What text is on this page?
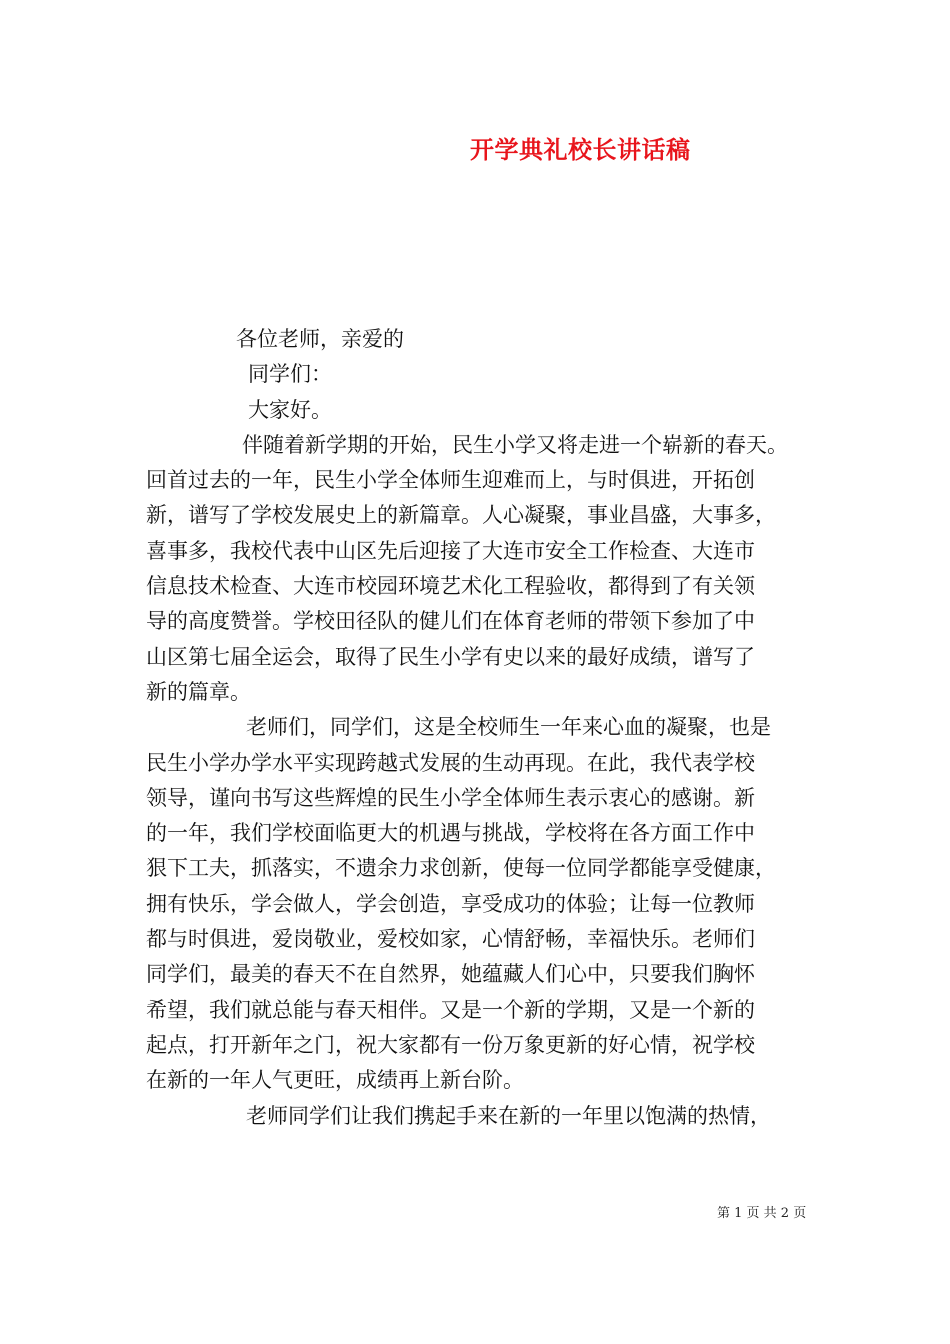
开学典礼校长讲话稿
各位老师，亲爱的
同学们：
大家好。
伴随着新学期的开始，民生小学又将走进一个崭新的春天。
回首过去的一年，民生小学全体师生迎难而上，与时俱进，开拓创
新，谱写了学校发展史上的新篇章。人心凝聚，事业昌盛，大事多，
喜事多，我校代表中山区先后迎接了大连市安全工作检查、大连市
信息技术检查、大连市校园环境艺术化工程验收，都得到了有关领
导的高度赞誉。学校田径队的健儿们在体育老师的带领下参加了中
山区第七届全运会，取得了民生小学有史以来的最好成绩，谱写了
新的篇章。
老师们，同学们，这是全校师生一年来心血的凝聚，也是
民生小学办学水平实现跨越式发展的生动再现。在此，我代表学校
领导，谨向书写这些辉煌的民生小学全体师生表示衷心的感谢。新
的一年，我们学校面临更大的机遇与挑战，学校将在各方面工作中
狠下工夫，抓落实，不遗余力求创新，使每一位同学都能享受健康，
拥有快乐，学会做人，学会创造，享受成功的体验；让每一位教师
都与时俱进，爱岗敬业，爱校如家，心情舒畅，幸福快乐。老师们
同学们，最美的春天不在自然界，她蕴藏人们心中，只要我们胸怀
希望，我们就总能与春天相伴。又是一个新的学期，又是一个新的
起点，打开新年之门，祝大家都有一份万象更新的好心情，祝学校
在新的一年人气更旺，成绩再上新台阶。
老师同学们让我们携起手来在新的一年里以饱满的热情，
第 1 页 共 2 页
